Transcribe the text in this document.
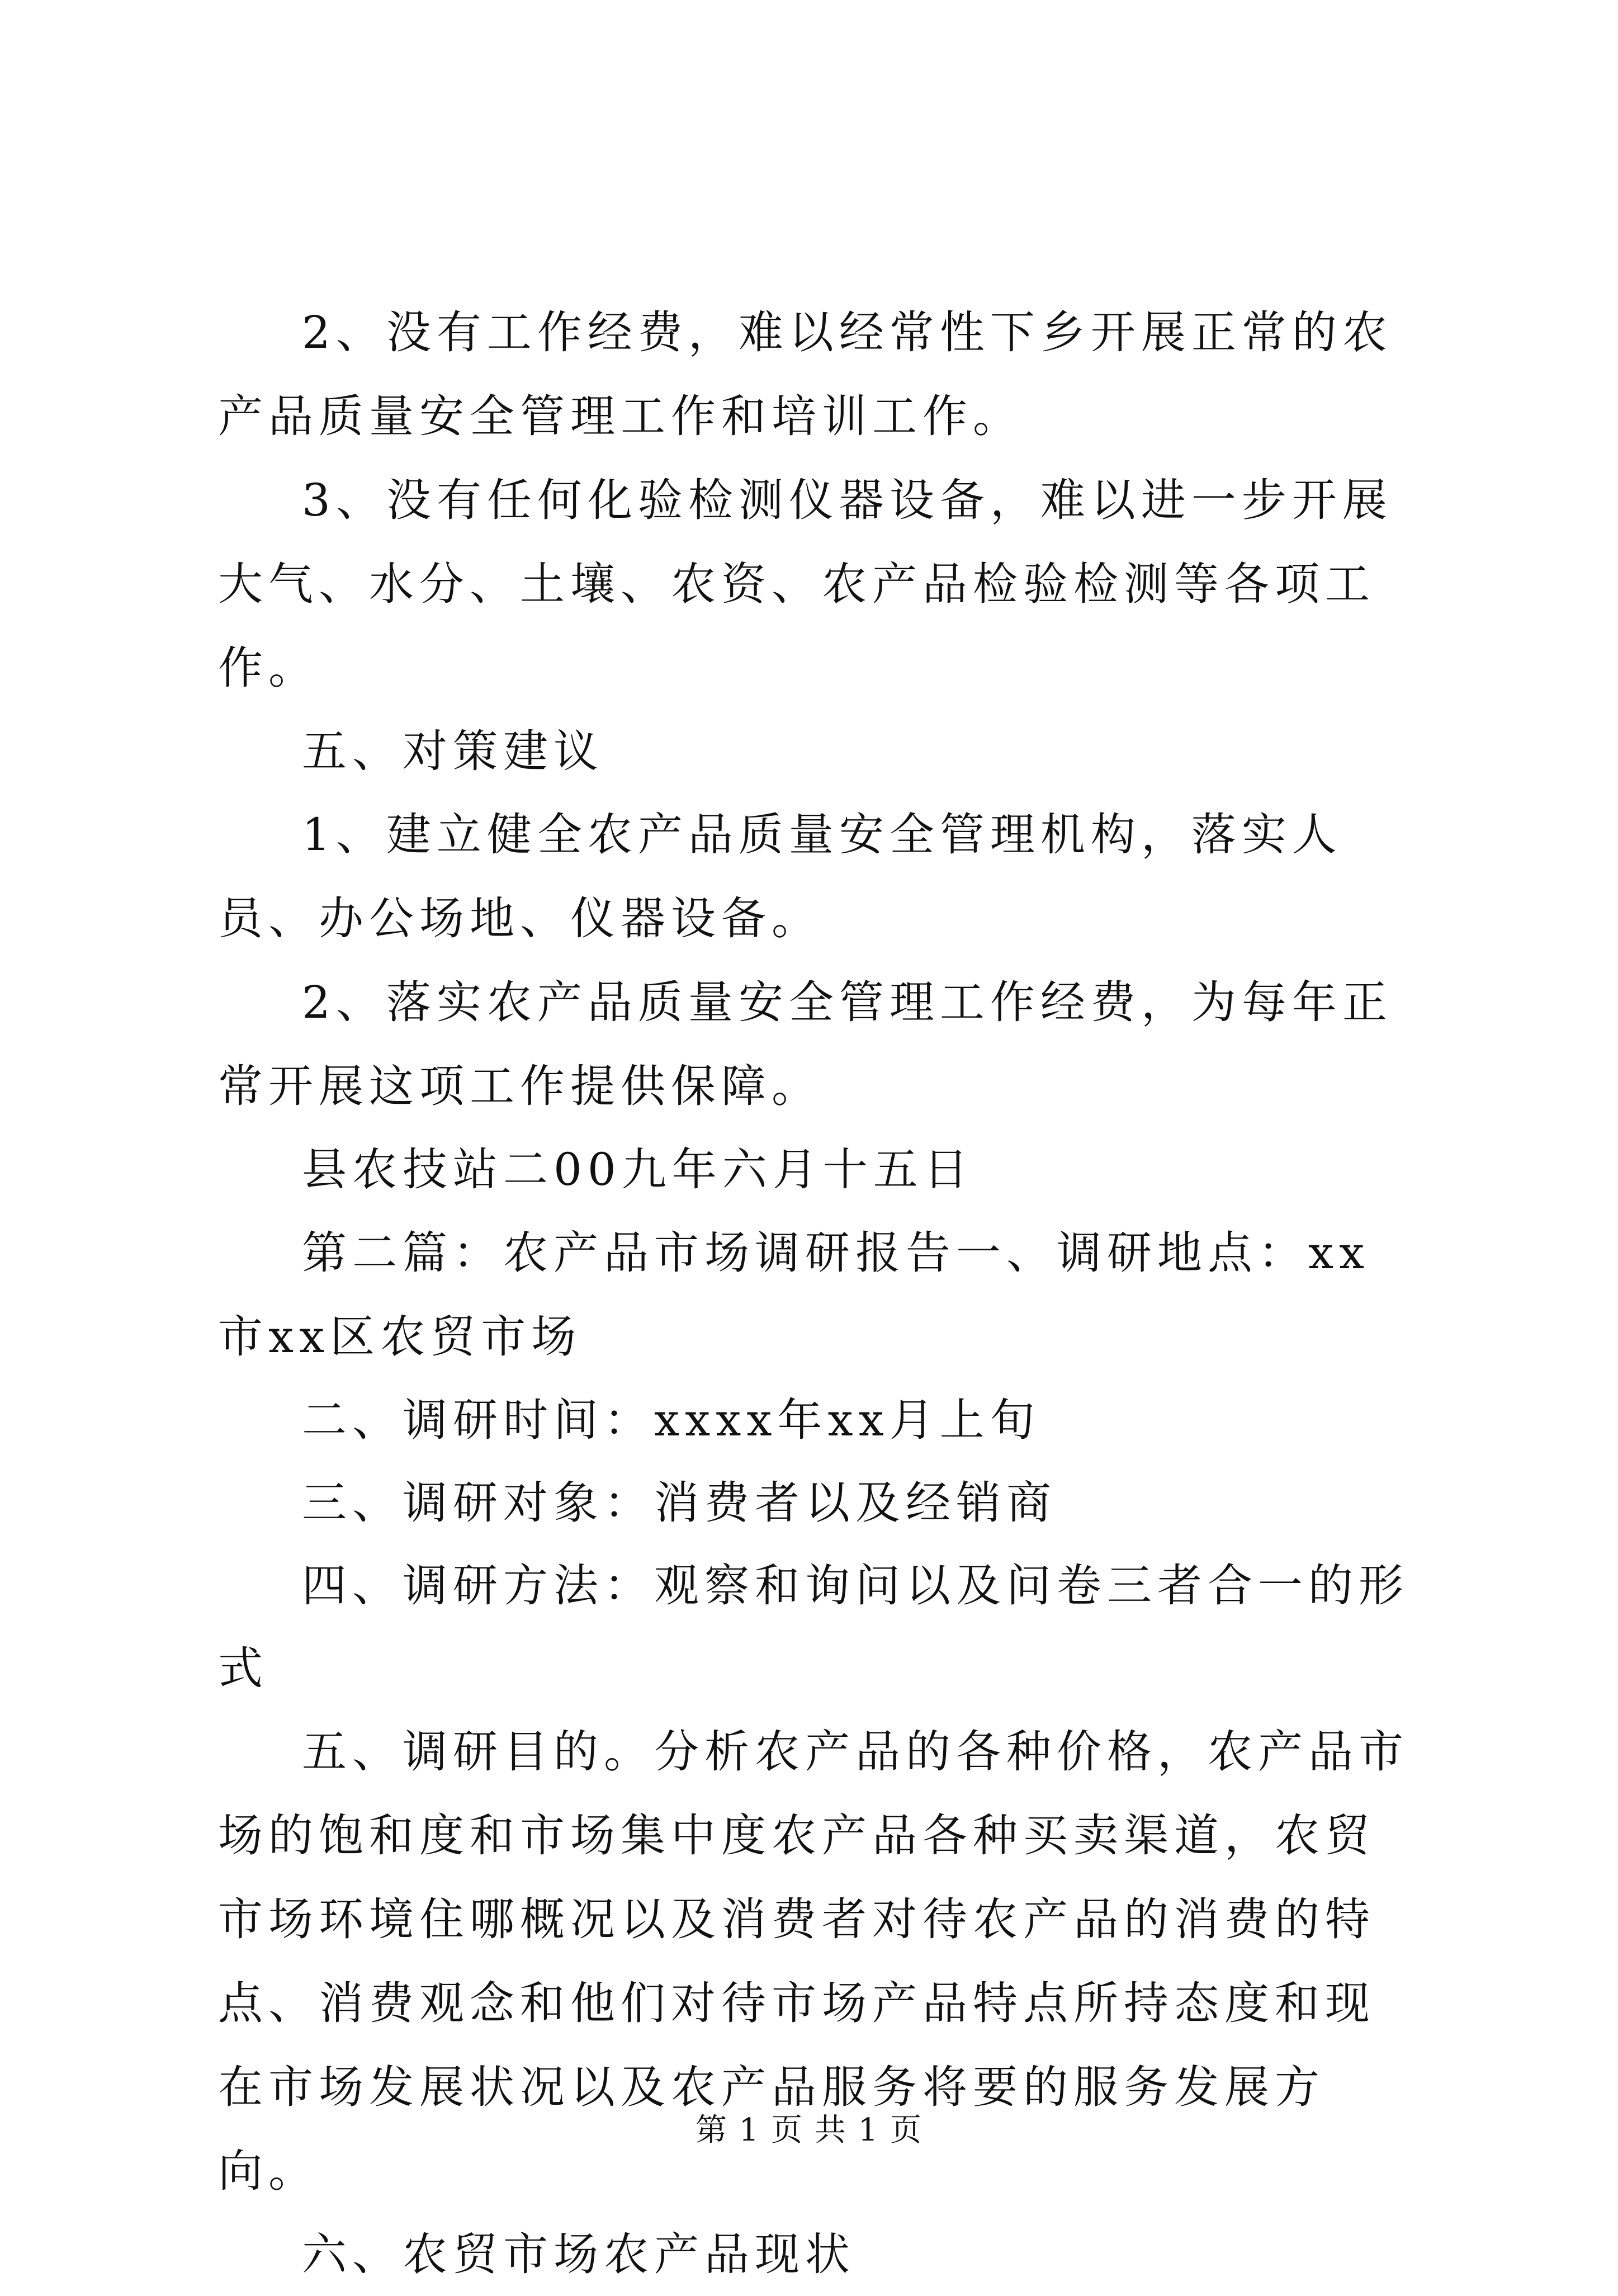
2、没有工作经费，难以经常性下乡开展正常的农产品质量安全管理工作和培训工作。

3、没有任何化验检测仪器设备，难以进一步开展大气、水分、土壤、农资、农产品检验检测等各项工作。

五、对策建议

1、建立健全农产品质量安全管理机构，落实人员、办公场地、仪器设备。

2、落实农产品质量安全管理工作经费，为每年正常开展这项工作提供保障。

县农技站二00九年六月十五日

第二篇：农产品市场调研报告一、调研地点：xx市xx区农贸市场

二、调研时间：xxxx年xx月上旬

三、调研对象：消费者以及经销商

四、调研方法：观察和询问以及问卷三者合一的形式

五、调研目的。分析农产品的各种价格，农产品市场的饱和度和市场集中度农产品各种买卖渠道，农贸市场环境住哪概况以及消费者对待农产品的消费的特点、消费观念和他们对待市场产品特点所持态度和现在市场发展状况以及农产品服务将要的服务发展方向。

六、农贸市场农产品现状

第 1 页 共 1 页
